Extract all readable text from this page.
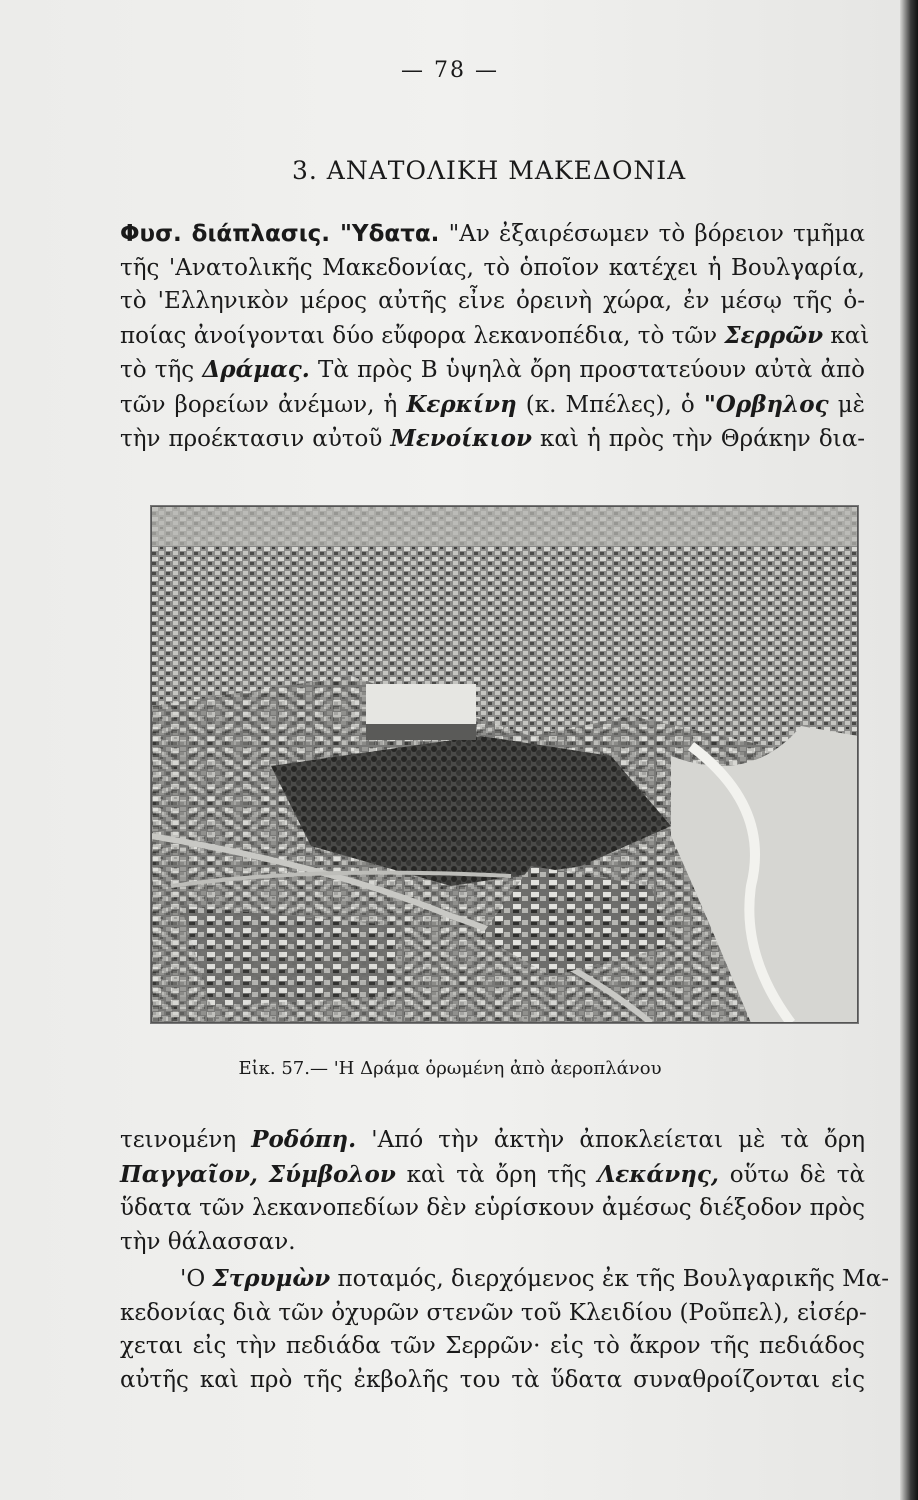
— 78 —
3. ΑΝΑΤΟΛΙΚΗ ΜΑΚΕΔΟΝΙΑ
Φυσ. διάπλασις. "Υδατα. "Αν ἐξαιρέσωμεν τὸ βόρειον τμῆμα
τῆς 'Ανατολικῆς Μακεδονίας, τὸ ὁποῖον κατέχει ἡ Βουλγαρία,
τὸ 'Ελληνικὸν μέρος αὐτῆς εἶνε ὀρεινὴ χώρα, ἐν μέσῳ τῆς ὁ-
ποίας ἀνοίγονται δύο εὔφορα λεκανοπέδια, τὸ τῶν Σερρῶν καὶ
τὸ τῆς Δράμας. Τὰ πρὸς Β ὑψηλὰ ὄρη προστατεύουν αὐτὰ ἀπὸ
τῶν βορείων ἀνέμων, ἡ Κερκίνη (κ. Μπέλες), ὁ "Ορβηλος μὲ
τὴν προέκτασιν αὐτοῦ Μενοίκιον καὶ ἡ πρὸς τὴν Θράκην δια-
Εἰκ. 57.— 'Η Δράμα ὁρωμένη ἀπὸ ἀεροπλάνου
τεινομένη Ροδόπη. 'Από τὴν ἀκτὴν ἀποκλείεται μὲ τὰ ὄρη
Παγγαῖον, Σύμβολον καὶ τὰ ὄρη τῆς Λεκάνης, οὕτω δὲ τὰ
ὕδατα τῶν λεκανοπεδίων δὲν εὑρίσκουν ἀμέσως διέξοδον πρὸς
τὴν θάλασσαν.
'Ο Στρυμὼν ποταμός, διερχόμενος ἐκ τῆς Βουλγαρικῆς Μα-
κεδονίας διὰ τῶν ὀχυρῶν στενῶν τοῦ Κλειδίου (Ροῦπελ), εἰσέρ-
χεται εἰς τὴν πεδιάδα τῶν Σερρῶν· εἰς τὸ ἄκρον τῆς πεδιάδος
αὐτῆς καὶ πρὸ τῆς ἐκβολῆς του τὰ ὕδατα συναθροίζονται εἰς
